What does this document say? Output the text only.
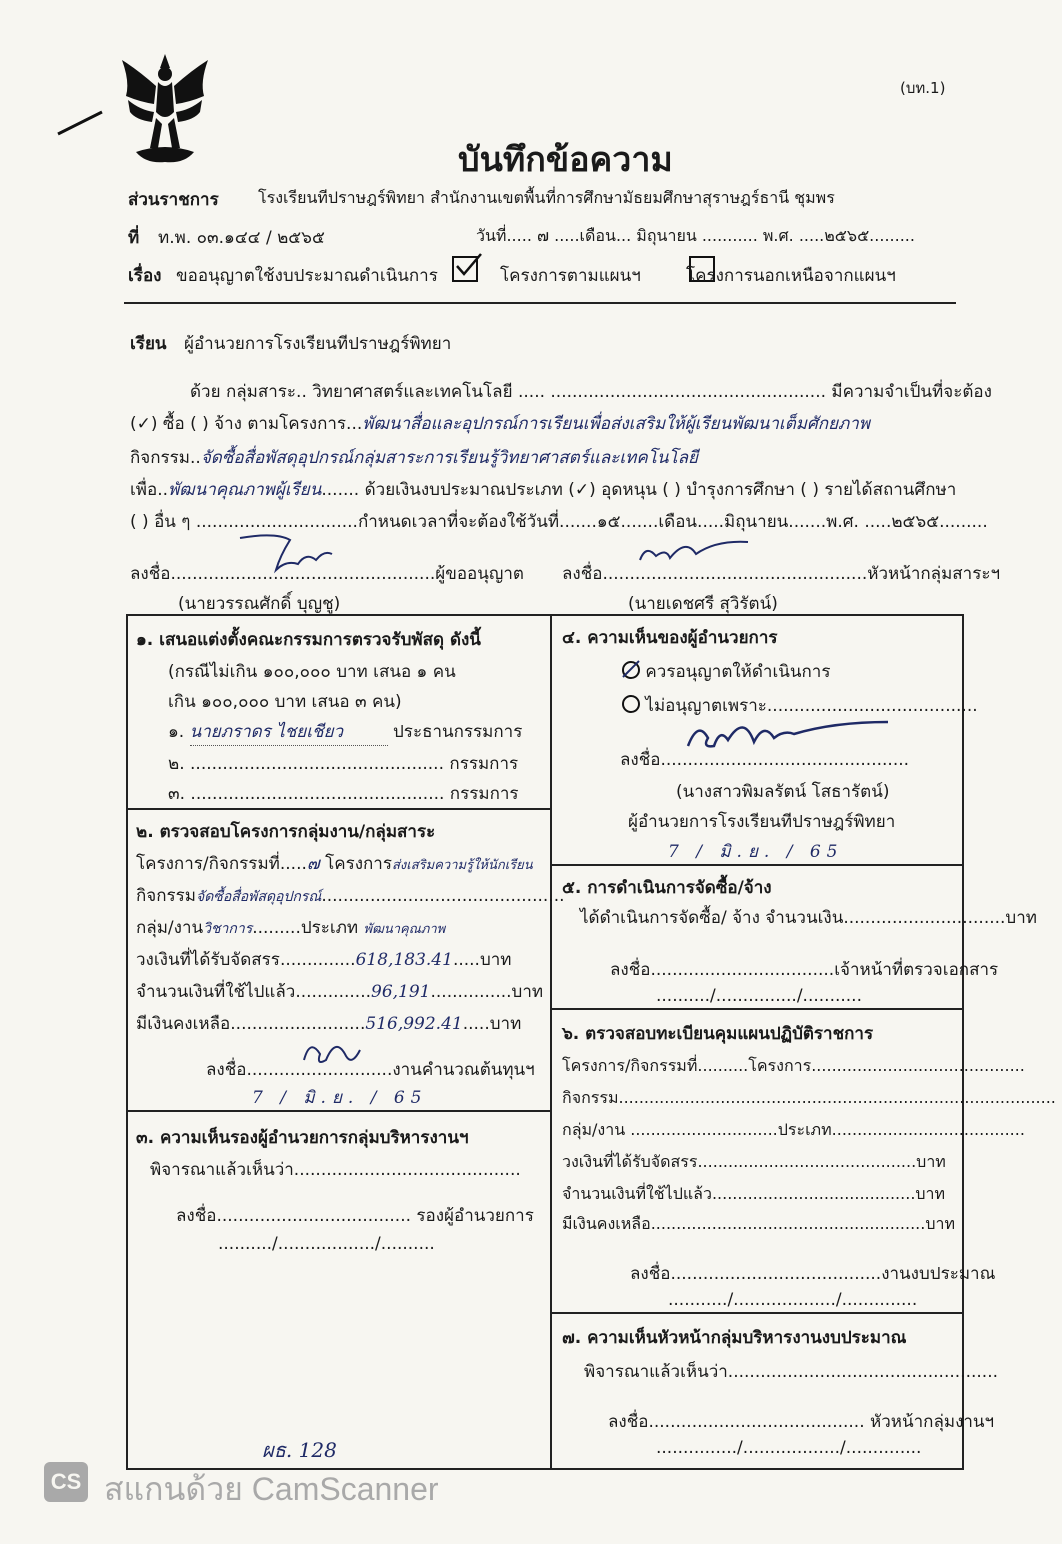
(บท.1)
บันทึกข้อความ
ส่วนราชการ โรงเรียนทีปราษฎร์พิทยา สำนักงานเขตพื้นที่การศึกษามัธยมศึกษาสุราษฎร์ธานี ชุมพร
ที่ ท.พ. ๐๓.๑๔๔ / ๒๕๖๕	วันที่..... ๗ .....เดือน... มิถุนายน ........... พ.ศ. .....๒๕๖๕.........
เรื่อง ขออนุญาตใช้งบประมาณดำเนินการ
	โครงการตามแผนฯ	โครงการนอกเหนือจากแผนฯ
เรียน ผู้อำนวยการโรงเรียนทีปราษฎร์พิทยา
ด้วย กลุ่มสาระ.. วิทยาศาสตร์และเทคโนโลยี ..... ................................................... มีความจำเป็นที่จะต้อง
(✓) ซื้อ ( ) จ้าง ตามโครงการ...พัฒนาสื่อและอุปกรณ์การเรียนเพื่อส่งเสริมให้ผู้เรียนพัฒนาเต็มศักยภาพ
กิจกรรม..จัดซื้อสื่อพัสดุอุปกรณ์กลุ่มสาระการเรียนรู้วิทยาศาสตร์และเทคโนโลยี
เพื่อ..พัฒนาคุณภาพผู้เรียน....... ด้วยเงินงบประมาณประเภท (✓) อุดหนุน ( ) บำรุงการศึกษา ( ) รายได้สถานศึกษา
( ) อื่น ๆ ..............................กำหนดเวลาที่จะต้องใช้วันที่.......๑๕.......เดือน.....มิถุนายน.......พ.ศ. .....๒๕๖๕.........
ลงชื่อ.................................................ผู้ขออนุญาต
(นายวรรณศักดิ์ บุญชู)
ลงชื่อ.................................................หัวหน้ากลุ่มสาระฯ
(นายเดชศรี สุวิรัตน์)
๑. เสนอแต่งตั้งคณะกรรมการตรวจรับพัสดุ ดังนี้
(กรณีไม่เกิน ๑๐๐,๐๐๐ บาท เสนอ ๑ คน
เกิน ๑๐๐,๐๐๐ บาท เสนอ ๓ คน)
๑. นายภราดร ไชยเชียว	ประธานกรรมการ
๒. ............................................... กรรมการ
๓. ............................................... กรรมการ
๒. ตรวจสอบโครงการกลุ่มงาน/กลุ่มสาระ
โครงการ/กิจกรรมที่.....๗ โครงการส่งเสริมความรู้ให้นักเรียน
กิจกรรมจัดซื้อสื่อพัสดุอุปกรณ์.............................................
กลุ่ม/งานวิชาการ.........ประเภท พัฒนาคุณภาพ
วงเงินที่ได้รับจัดสรร..............618,183.41.....บาท
จำนวนเงินที่ใช้ไปแล้ว..............96,191...............บาท
มีเงินคงเหลือ.........................516,992.41.....บาท
ลงชื่อ...........................งานคำนวณต้นทุนฯ
7 / มิ.ย. / 65
๓. ความเห็นรองผู้อำนวยการกลุ่มบริหารงานฯ
พิจารณาแล้วเห็นว่า..........................................
ลงชื่อ.................................... รองผู้อำนวยการ
........../................../..........
๔. ความเห็นของผู้อำนวยการ
ควรอนุญาตให้ดำเนินการ
ไม่อนุญาตเพราะ.......................................
ลงชื่อ..............................................
(นางสาวพิมลรัตน์ โสธารัตน์)
ผู้อำนวยการโรงเรียนทีปราษฎร์พิทยา
7 / มิ.ย. / 65
๕. การดำเนินการจัดซื้อ/จ้าง
ได้ดำเนินการจัดซื้อ/ จ้าง จำนวนเงิน..............................บาท
ลงชื่อ..................................เจ้าหน้าที่ตรวจเอกสาร
........../.............../...........
๖. ตรวจสอบทะเบียนคุมแผนปฏิบัติราชการ
โครงการ/กิจกรรมที่..........โครงการ..........................................
กิจกรรม......................................................................................
กลุ่ม/งาน .............................ประเภท......................................
วงเงินที่ได้รับจัดสรร...........................................บาท
จำนวนเงินที่ใช้ไปแล้ว........................................บาท
มีเงินคงเหลือ......................................................บาท
ลงชื่อ.......................................งานงบประมาณ
.........../.................../..............
๗. ความเห็นหัวหน้ากลุ่มบริหารงานงบประมาณ
พิจารณาแล้วเห็นว่า..................................................
ลงชื่อ........................................ หัวหน้ากลุ่มงานฯ
.............../................../..............
ผธ. 128
CS สแกนด้วย CamScanner
